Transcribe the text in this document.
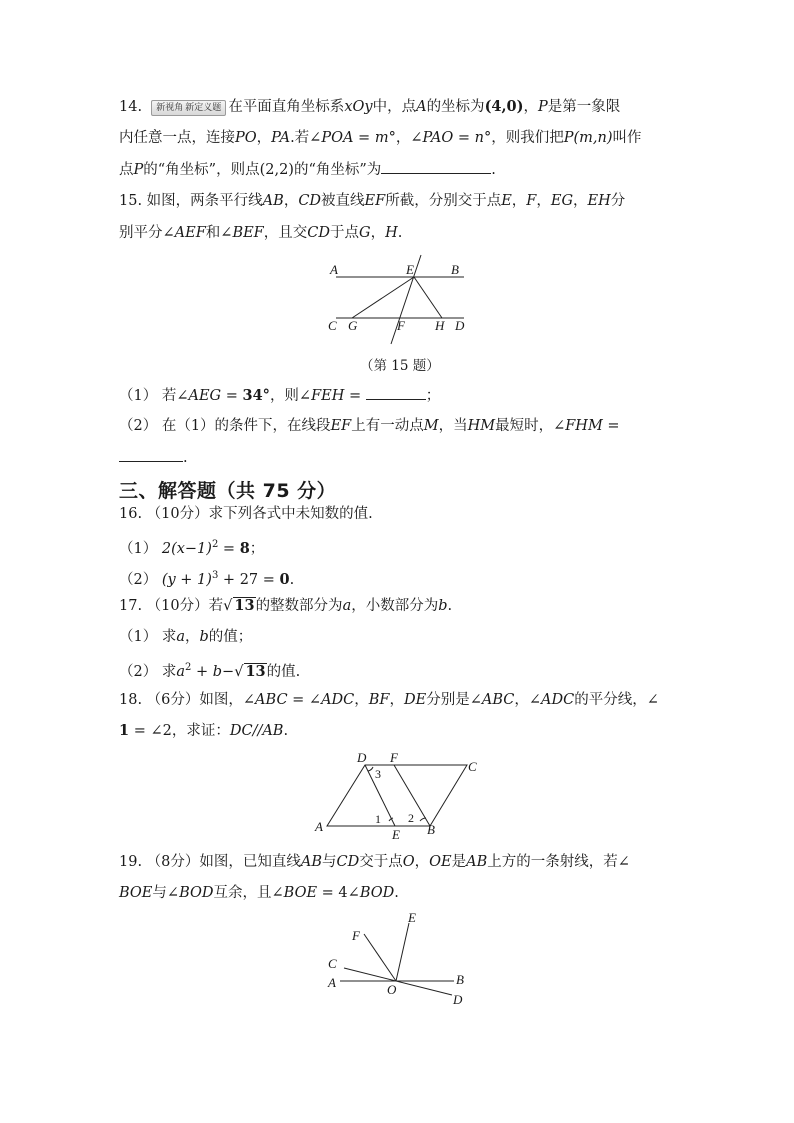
14. 新视角 新定义题 在平面直角坐标系xOy中，点A的坐标为(4,0)，P是第一象限
内任意一点，连接PO，PA.若∠POA = m°，∠PAO = n°，则我们把P(m,n)叫作
点P的“角坐标”，则点(2,2)的“角坐标”为	.
15. 如图，两条平行线AB，CD被直线EF所截，分别交于点E，F，EG，EH分
别平分∠AEF和∠BEF，且交CD于点G，H.
A	E	B
C G	F H D
（第 15 题）
（1） 若∠AEG = 34°，则∠FEH =	；
（2） 在（1）的条件下，在线段EF上有一动点M，当HM最短时，∠FHM =
.
三、解答题（共 75 分）
16. （10分）求下列各式中未知数的值.
（1） $2(x-1)^2 = 8$；
（2） $(y + 1)^3 + 27 = 0$.
17. （10分）若√ 13的整数部分为a，小数部分为b.
（1） 求a，b的值；
（2） 求$a^2 + b-√$ 13的值.
18. （6分）如图，∠ABC = ∠ADC，BF，DE分别是∠ABC，∠ADC的平分线，∠
1 = ∠2，求证：DC//AB.
D F
C
A
E B
1 2
3
19. （8分）如图，已知直线AB与CD交于点O，OE是AB上方的一条射线，若∠
BOE与∠BOD互余，且∠BOE = 4∠BOD.
E
F
C
A	O
B
D
